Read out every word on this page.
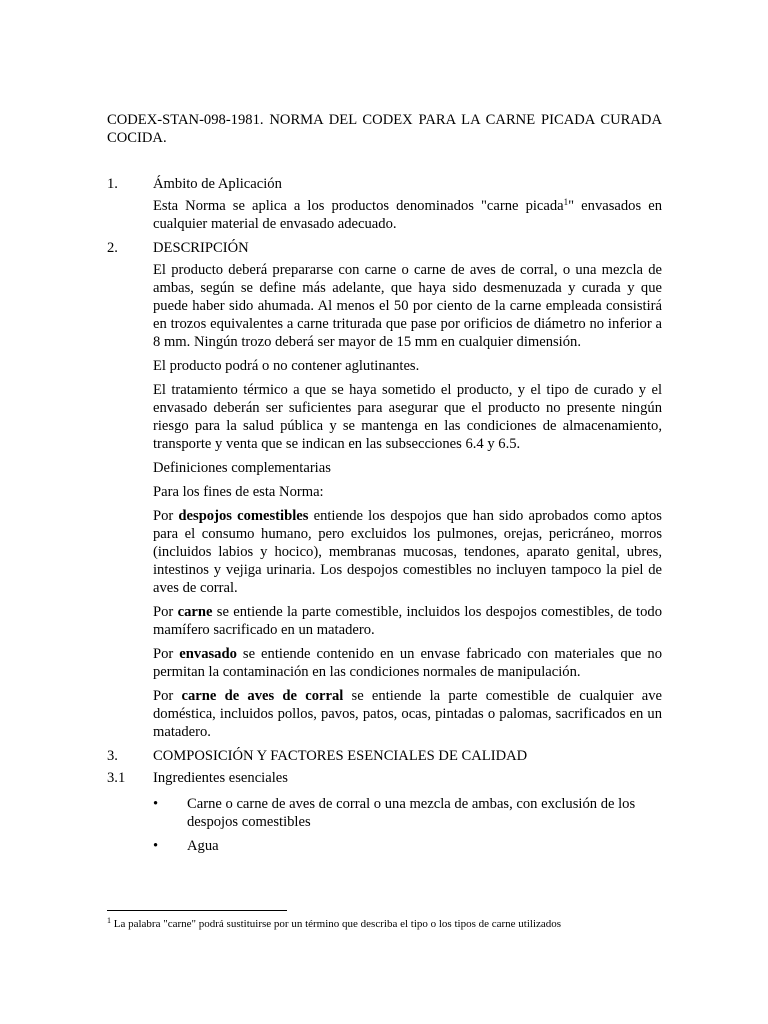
CODEX-STAN-098-1981. NORMA DEL CODEX PARA LA CARNE PICADA CURADA COCIDA.
1.	Ámbito de Aplicación
Esta Norma se aplica a los productos denominados "carne picada$^1$" envasados en cualquier material de envasado adecuado.
2.	DESCRIPCIÓN
El producto deberá prepararse con carne o carne de aves de corral, o una mezcla de ambas, según se define más adelante, que haya sido desmenuzada y curada y que puede haber sido ahumada. Al menos el 50 por ciento de la carne empleada consistirá en trozos equivalentes a carne triturada que pase por orificios de diámetro no inferior a 8 mm. Ningún trozo deberá ser mayor de 15 mm en cualquier dimensión.
El producto podrá o no contener aglutinantes.
El tratamiento térmico a que se haya sometido el producto, y el tipo de curado y el envasado deberán ser suficientes para asegurar que el producto no presente ningún riesgo para la salud pública y se mantenga en las condiciones de almacenamiento, transporte y venta que se indican en las subsecciones 6.4 y 6.5.
Definiciones complementarias
Para los fines de esta Norma:
Por despojos comestibles entiende los despojos que han sido aprobados como aptos para el consumo humano, pero excluidos los pulmones, orejas, pericráneo, morros (incluidos labios y hocico), membranas mucosas, tendones, aparato genital, ubres, intestinos y vejiga urinaria. Los despojos comestibles no incluyen tampoco la piel de aves de corral.
Por carne se entiende la parte comestible, incluidos los despojos comestibles, de todo mamífero sacrificado en un matadero.
Por envasado se entiende contenido en un envase fabricado con materiales que no permitan la contaminación en las condiciones normales de manipulación.
Por carne de aves de corral se entiende la parte comestible de cualquier ave doméstica, incluidos pollos, pavos, patos, ocas, pintadas o palomas, sacrificados en un matadero.
3.	COMPOSICIÓN Y FACTORES ESENCIALES DE CALIDAD
3.1	Ingredientes esenciales
•	Carne o carne de aves de corral o una mezcla de ambas, con exclusión de los despojos comestibles
•	Agua
$^1$ La palabra "carne" podrá sustituirse por un término que describa el tipo o los tipos de carne utilizados
